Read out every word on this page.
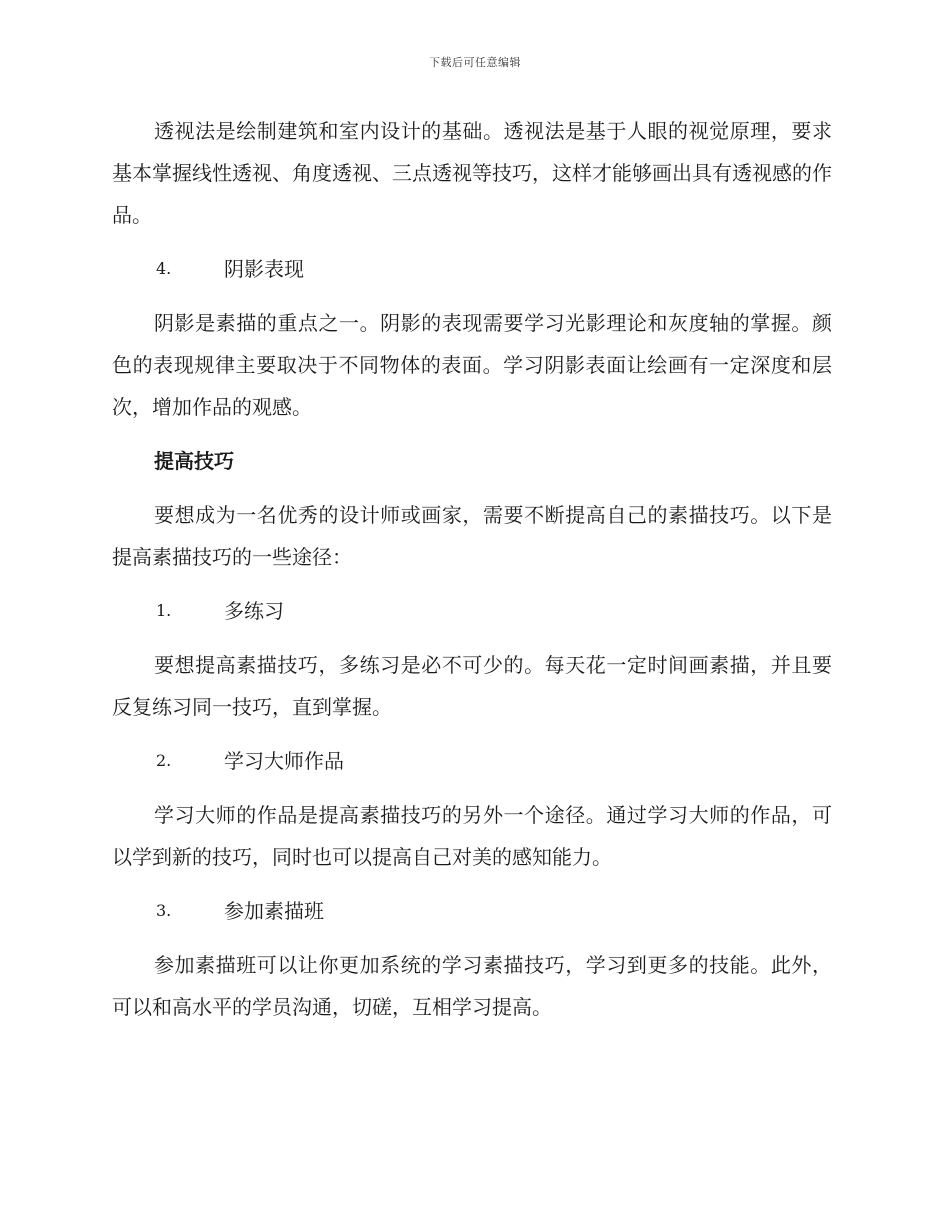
下载后可任意编辑

透视法是绘制建筑和室内设计的基础。透视法是基于人眼的视觉原理，要求基本掌握线性透视、角度透视、三点透视等技巧，这样才能够画出具有透视感的作品。

4.	阴影表现

阴影是素描的重点之一。阴影的表现需要学习光影理论和灰度轴的掌握。颜色的表现规律主要取决于不同物体的表面。学习阴影表面让绘画有一定深度和层次，增加作品的观感。

提高技巧

要想成为一名优秀的设计师或画家，需要不断提高自己的素描技巧。以下是提高素描技巧的一些途径：

1.	多练习

要想提高素描技巧，多练习是必不可少的。每天花一定时间画素描，并且要反复练习同一技巧，直到掌握。

2.	学习大师作品

学习大师的作品是提高素描技巧的另外一个途径。通过学习大师的作品，可以学到新的技巧，同时也可以提高自己对美的感知能力。

3.	参加素描班

参加素描班可以让你更加系统的学习素描技巧，学习到更多的技能。此外，可以和高水平的学员沟通，切磋，互相学习提高。
